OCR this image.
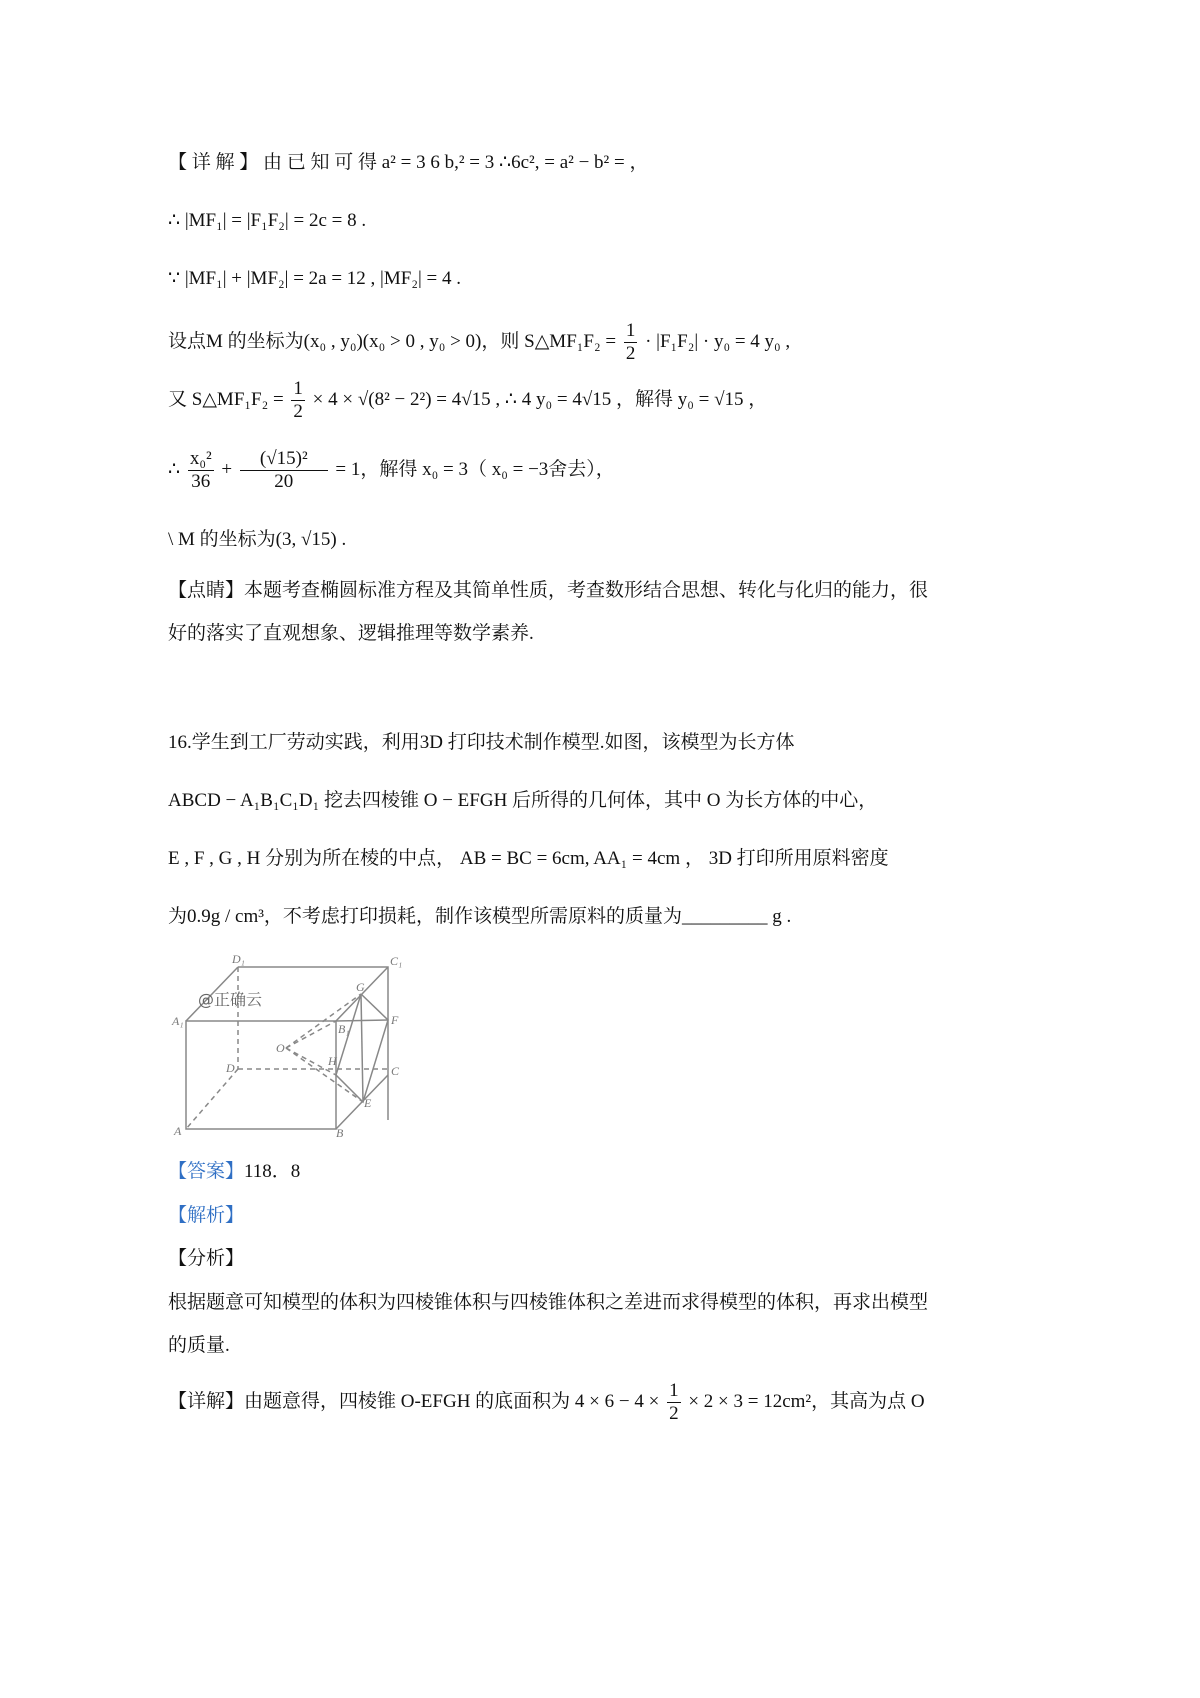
【 详 解 】 由 已 知 可 得 a² = 3 6 b,² = 3 ∴6c², = a² − b² = ，
∴ |MF₁| = |F₁F₂| = 2c = 8 .
∵ |MF₁| + |MF₂| = 2a = 12 , |MF₂| = 4 .
设点M 的坐标为(x₀ , y₀)(x₀ > 0 , y₀ > 0)，则 S△MF₁F₂ = $\frac{1}{2} \cdot |F_1F_2| \cdot y_0 = 4$ y₀ ,
又 S△MF₁F₂ = $\frac{1}{2} \times 4 \times √(8^2 - 2^2) = 4√15$ , ∴ 4 y₀ = 4√15 ，解得 y₀ = √15 ，
∴ $\frac{\text{x₀²}}{36} + \frac{\text{(√15)²}}{20} = 1$，解得 x₀ = 3（ x₀ = −3舍去），
\ M 的坐标为(3, √15) .
【点睛】本题考查椭圆标准方程及其简单性质，考查数形结合思想、转化与化归的能力，很
好的落实了直观想象、逻辑推理等数学素养.
16.学生到工厂劳动实践，利用3D 打印技术制作模型.如图，该模型为长方体
ABCD − A₁B₁C₁D₁ 挖去四棱锥 O − EFGH 后所得的几何体，其中 O 为长方体的中心，
E , F , G , H 分别为所在棱的中点， AB = BC = 6cm, AA₁ = 4cm ， 3D 打印所用原料密度
为0.9g / cm³，不考虑打印损耗，制作该模型所需原料的质量为_________ g .
D₁	C₁
A₁
B₁
G
F
O
H
D	C
E
A	B
@正确云
【答案】118．8
【解析】
【分析】
根据题意可知模型的体积为四棱锥体积与四棱锥体积之差进而求得模型的体积，再求出模型
的质量.
【详解】由题意得，四棱锥 O-EFGH 的底面积为 $4 \times 6 - 4 \times \frac{1}{2} \times 2 \times 3 = 12cm^2$，其高为点 O
